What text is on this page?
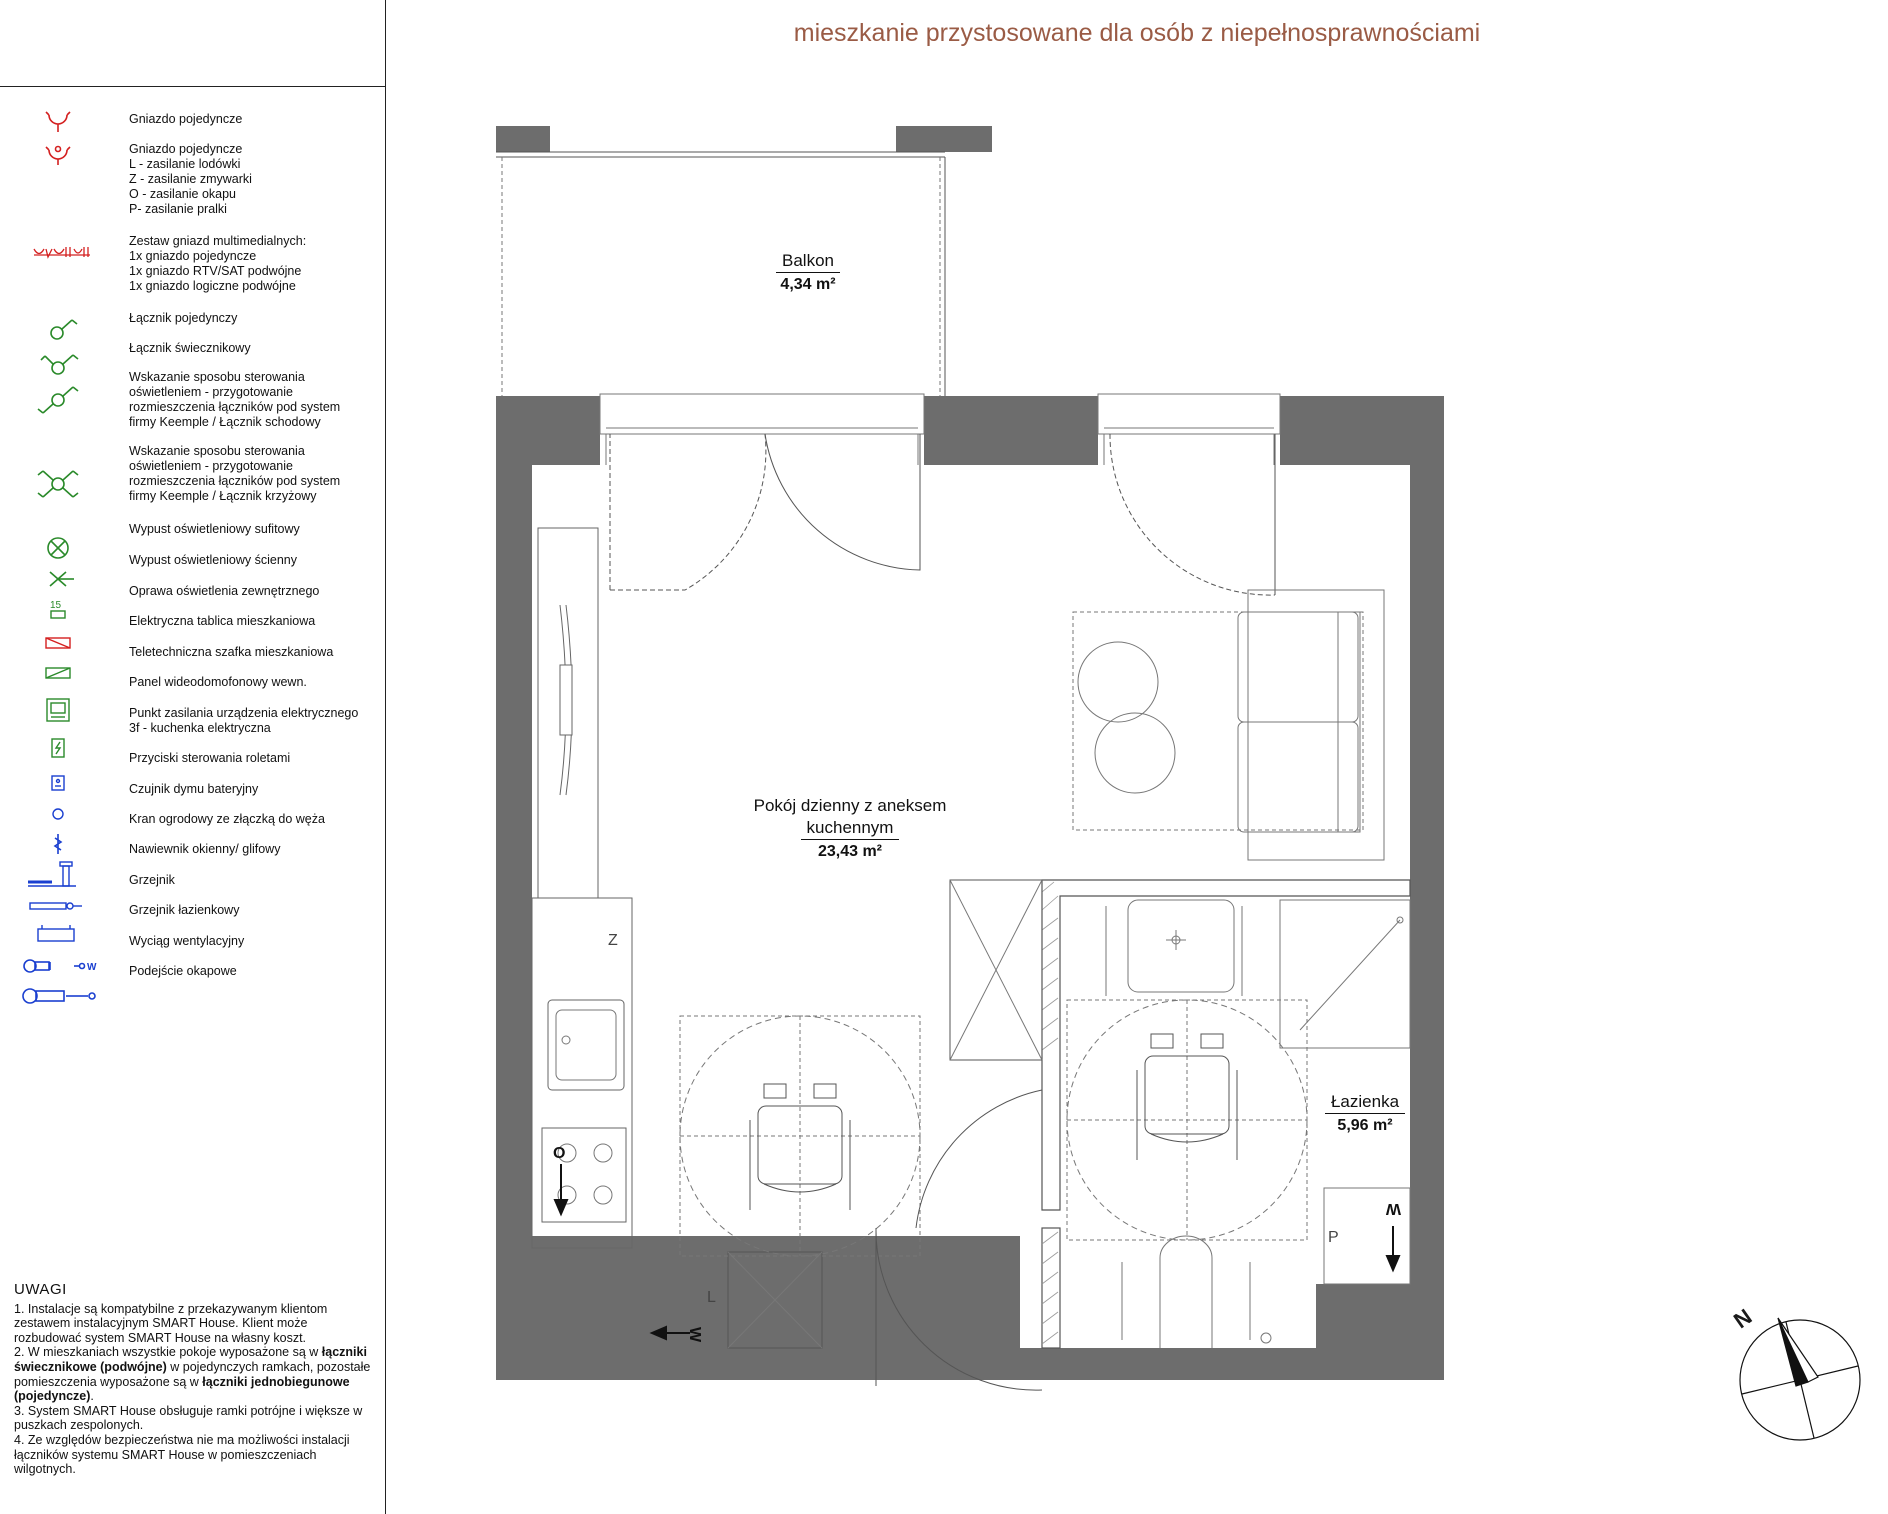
15
W
Gniazdo pojedyncze
Gniazdo pojedyncze
L - zasilanie lodówki
Z - zasilanie zmywarki
O - zasilanie okapu
P- zasilanie pralki
Zestaw gniazd multimedialnych:
1x gniazdo pojedyncze
1x gniazdo RTV/SAT podwójne
1x gniazdo logiczne podwójne
Łącznik pojedynczy
Łącznik świecznikowy
Wskazanie sposobu sterowania
oświetleniem - przygotowanie
rozmieszczenia łączników pod system
firmy Keemple / Łącznik schodowy
Wskazanie sposobu sterowania
oświetleniem - przygotowanie
rozmieszczenia łączników pod system
firmy Keemple / Łącznik krzyżowy
Wypust oświetleniowy sufitowy
Wypust oświetleniowy ścienny
Oprawa oświetlenia zewnętrznego
Elektryczna tablica mieszkaniowa
Teletechniczna szafka mieszkaniowa
Panel wideodomofonowy wewn.
Punkt zasilania urządzenia elektrycznego
3f - kuchenka elektryczna
Przyciski sterowania roletami
Czujnik dymu bateryjny
Kran ogrodowy ze złączką do węża
Nawiewnik okienny/ glifowy
Grzejnik
Grzejnik łazienkowy
Wyciąg wentylacyjny
Podejście okapowe
UWAGI

1. Instalacje są kompatybilne z przekazywanym klientom zestawem instalacyjnym SMART House. Klient może rozbudować system SMART House na własny koszt.

2. W mieszkaniach wszystkie pokoje wyposażone są w łączniki świecznikowe (podwójne) w pojedynczych ramkach, pozostałe pomieszczenia wyposażone są w łączniki jednobiegunowe (pojedyncze).

3. System SMART House obsługuje ramki potrójne i większe w puszkach zespolonych.

4. Ze względów bezpieczeństwa nie ma możliwości instalacji łączników systemu SMART House w pomieszczeniach wilgotnych.

mieszkanie przystosowane dla osób z niepełnosprawnościami
Z
L
P
O
W
W
N
Balkon
4,34 m²
Pokój dzienny z aneksem
kuchennym
23,43 m²
Łazienka
5,96 m²
